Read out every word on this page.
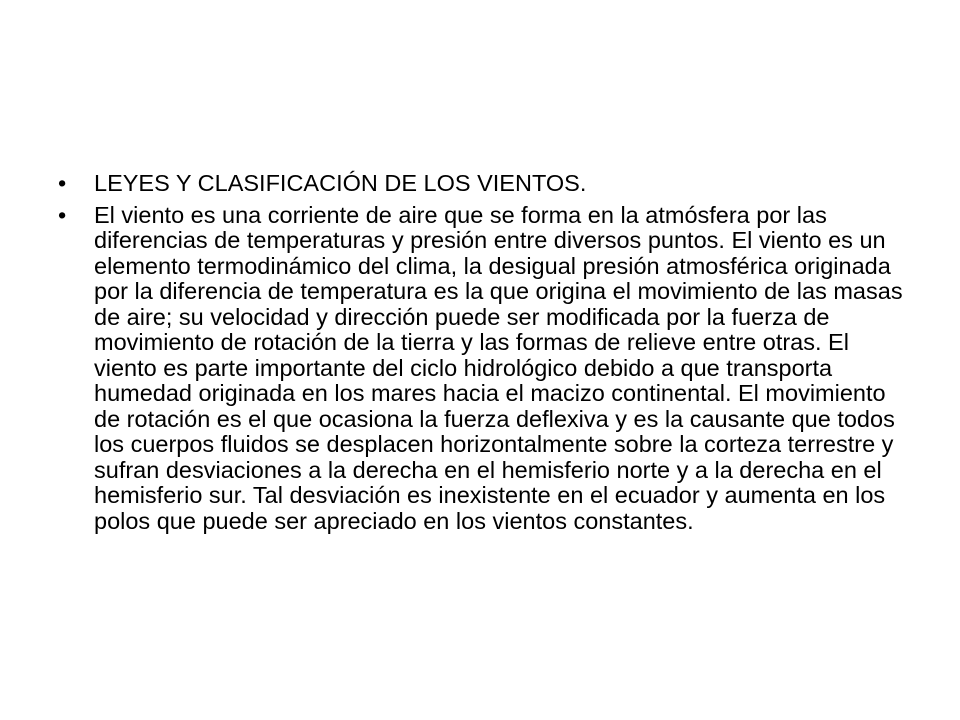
•	LEYES Y CLASIFICACIÓN DE LOS VIENTOS.
•	El viento es una corriente de aire que se forma en la atmósfera por las diferencias de temperaturas y presión entre diversos puntos. El viento es un elemento termodinámico del clima, la desigual presión atmosférica originada por la diferencia de temperatura es la que origina el movimiento de las masas de aire; su velocidad y dirección puede ser modificada por la fuerza de movimiento de rotación de la tierra y las formas de relieve entre otras. El viento es parte importante del ciclo hidrológico debido a que transporta humedad originada en los mares hacia el macizo continental. El movimiento de rotación es el que ocasiona la fuerza deflexiva y es la causante que todos los cuerpos fluidos se desplacen horizontalmente sobre la corteza terrestre y sufran desviaciones a la derecha en el hemisferio norte y a la derecha en el hemisferio sur. Tal desviación es inexistente en el ecuador y aumenta en los polos que puede ser apreciado en los vientos constantes.
